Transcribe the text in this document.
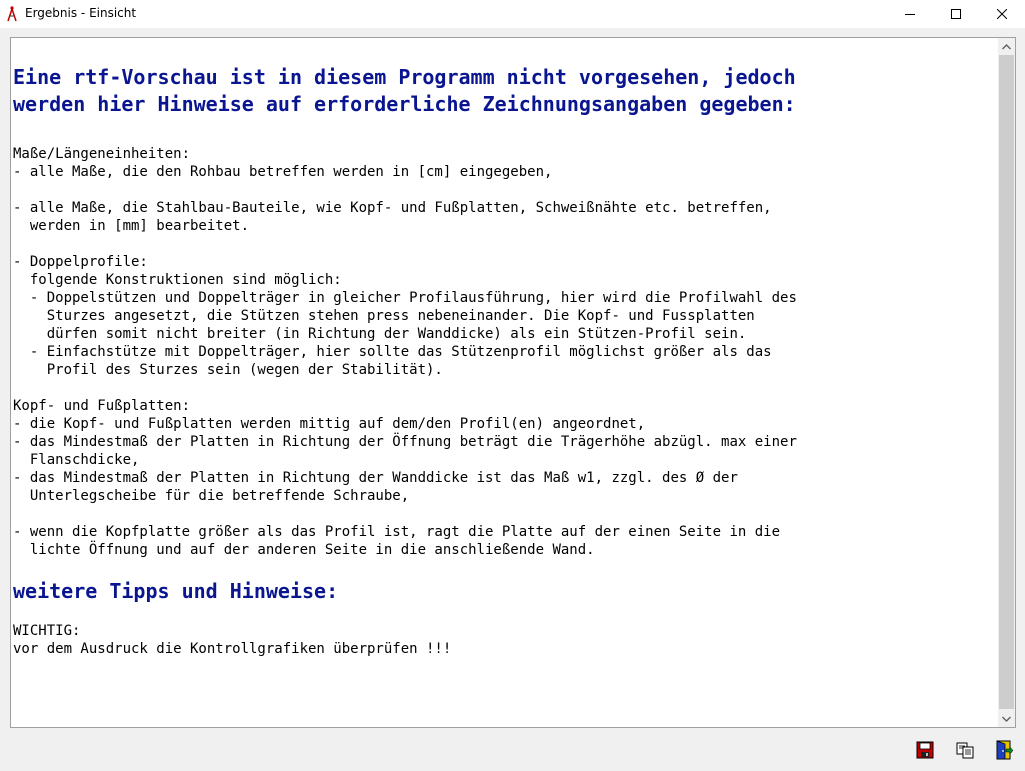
Ergebnis - Einsicht
Eine rtf-Vorschau ist in diesem Programm nicht vorgesehen, jedoch
werden hier Hinweise auf erforderliche Zeichnungsangaben gegeben:
Maße/Längeneinheiten:
- alle Maße, die den Rohbau betreffen werden in [cm] eingegeben,

- alle Maße, die Stahlbau-Bauteile, wie Kopf- und Fußplatten, Schweißnähte etc. betreffen,
werden in [mm] bearbeitet.

- Doppelprofile:
folgende Konstruktionen sind möglich:
- Doppelstützen und Doppelträger in gleicher Profilausführung, hier wird die Profilwahl des
Sturzes angesetzt, die Stützen stehen press nebeneinander. Die Kopf- und Fussplatten
dürfen somit nicht breiter (in Richtung der Wanddicke) als ein Stützen-Profil sein.
- Einfachstütze mit Doppelträger, hier sollte das Stützenprofil möglichst größer als das
Profil des Sturzes sein (wegen der Stabilität).

Kopf- und Fußplatten:
- die Kopf- und Fußplatten werden mittig auf dem/den Profil(en) angeordnet,
- das Mindestmaß der Platten in Richtung der Öffnung beträgt die Trägerhöhe abzügl. max einer
Flanschdicke,
- das Mindestmaß der Platten in Richtung der Wanddicke ist das Maß w1, zzgl. des Ø der
Unterlegscheibe für die betreffende Schraube,

- wenn die Kopfplatte größer als das Profil ist, ragt die Platte auf der einen Seite in die
lichte Öffnung und auf der anderen Seite in die anschließende Wand.
weitere Tipps und Hinweise:
WICHTIG:
vor dem Ausdruck die Kontrollgrafiken überprüfen !!!
